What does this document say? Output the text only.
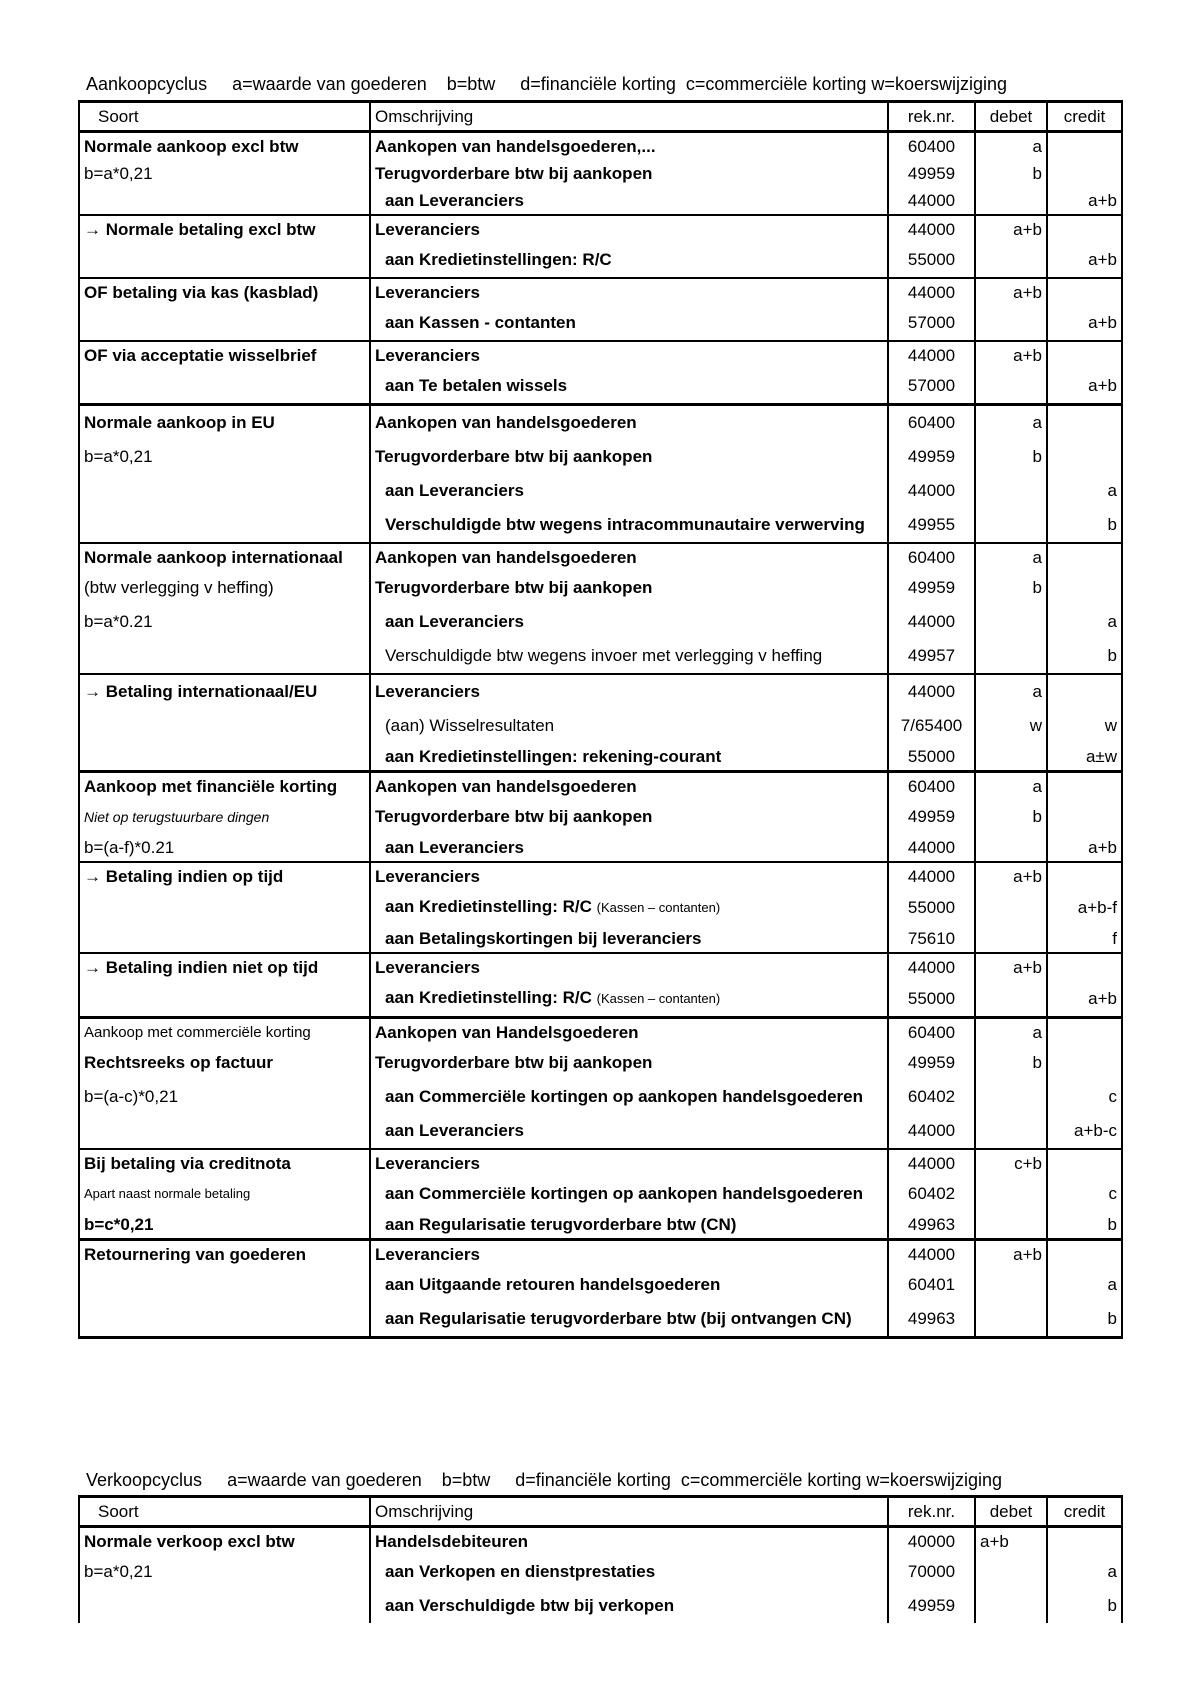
Aankoopcyclus     a=waarde van goederen    b=btw     d=financiële korting  c=commerciële korting w=koerswijziging
Soort	Omschrijving	rek.nr.	debet	credit
Normale aankoop excl btw	Aankopen van handelsgoederen,...	60400	a	
b=a*0,21	Terugvorderbare btw bij aankopen	49959	b	
	aan Leveranciers	44000		a+b
→ Normale betaling excl btw	Leveranciers	44000	a+b	
	aan Kredietinstellingen: R/C	55000		a+b
OF betaling via kas (kasblad)	Leveranciers	44000	a+b	
	aan Kassen - contanten	57000		a+b
OF via acceptatie wisselbrief	Leveranciers	44000	a+b	
	aan Te betalen wissels	57000		a+b
Normale aankoop in EU	Aankopen van handelsgoederen	60400	a	
b=a*0,21	Terugvorderbare btw bij aankopen	49959	b	
	aan Leveranciers	44000		a
	Verschuldigde btw wegens intracommunautaire verwerving	49955		b
Normale aankoop internationaal	Aankopen van handelsgoederen	60400	a	
(btw verlegging v heffing)	Terugvorderbare btw bij aankopen	49959	b	
b=a*0.21	aan Leveranciers	44000		a
	Verschuldigde btw wegens invoer met verlegging v heffing	49957		b
→ Betaling internationaal/EU	Leveranciers	44000	a	
	(aan) Wisselresultaten	7/65400	w	w
	aan Kredietinstellingen: rekening-courant	55000		a±w
Aankoop met financiële korting	Aankopen van handelsgoederen	60400	a	
Niet op terugstuurbare dingen	Terugvorderbare btw bij aankopen	49959	b	
b=(a-f)*0.21	aan Leveranciers	44000		a+b
→ Betaling indien op tijd	Leveranciers	44000	a+b	
	aan Kredietinstelling: R/C (Kassen – contanten)	55000		a+b-f
	aan Betalingskortingen bij leveranciers	75610		f
→ Betaling indien niet op tijd	Leveranciers	44000	a+b	
	aan Kredietinstelling: R/C (Kassen – contanten)	55000		a+b
Aankoop met commerciële korting	Aankopen van Handelsgoederen	60400	a	
Rechtsreeks op factuur	Terugvorderbare btw bij aankopen	49959	b	
b=(a-c)*0,21	aan Commerciële kortingen op aankopen handelsgoederen	60402		c
	aan Leveranciers	44000		a+b-c
Bij betaling via creditnota	Leveranciers	44000	c+b	
Apart naast normale betaling	aan Commerciële kortingen op aankopen handelsgoederen	60402		c
b=c*0,21	aan Regularisatie terugvorderbare btw (CN)	49963		b
Retournering van goederen	Leveranciers	44000	a+b	
	aan Uitgaande retouren handelsgoederen	60401		a
	aan Regularisatie terugvorderbare btw (bij ontvangen CN)	49963		b
Verkoopcyclus     a=waarde van goederen    b=btw     d=financiële korting  c=commerciële korting w=koerswijziging
Soort	Omschrijving	rek.nr.	debet	credit
Normale verkoop excl btw	Handelsdebiteuren	40000	a+b	
b=a*0,21	aan Verkopen en dienstprestaties	70000		a
	aan Verschuldigde btw bij verkopen	49959		b
